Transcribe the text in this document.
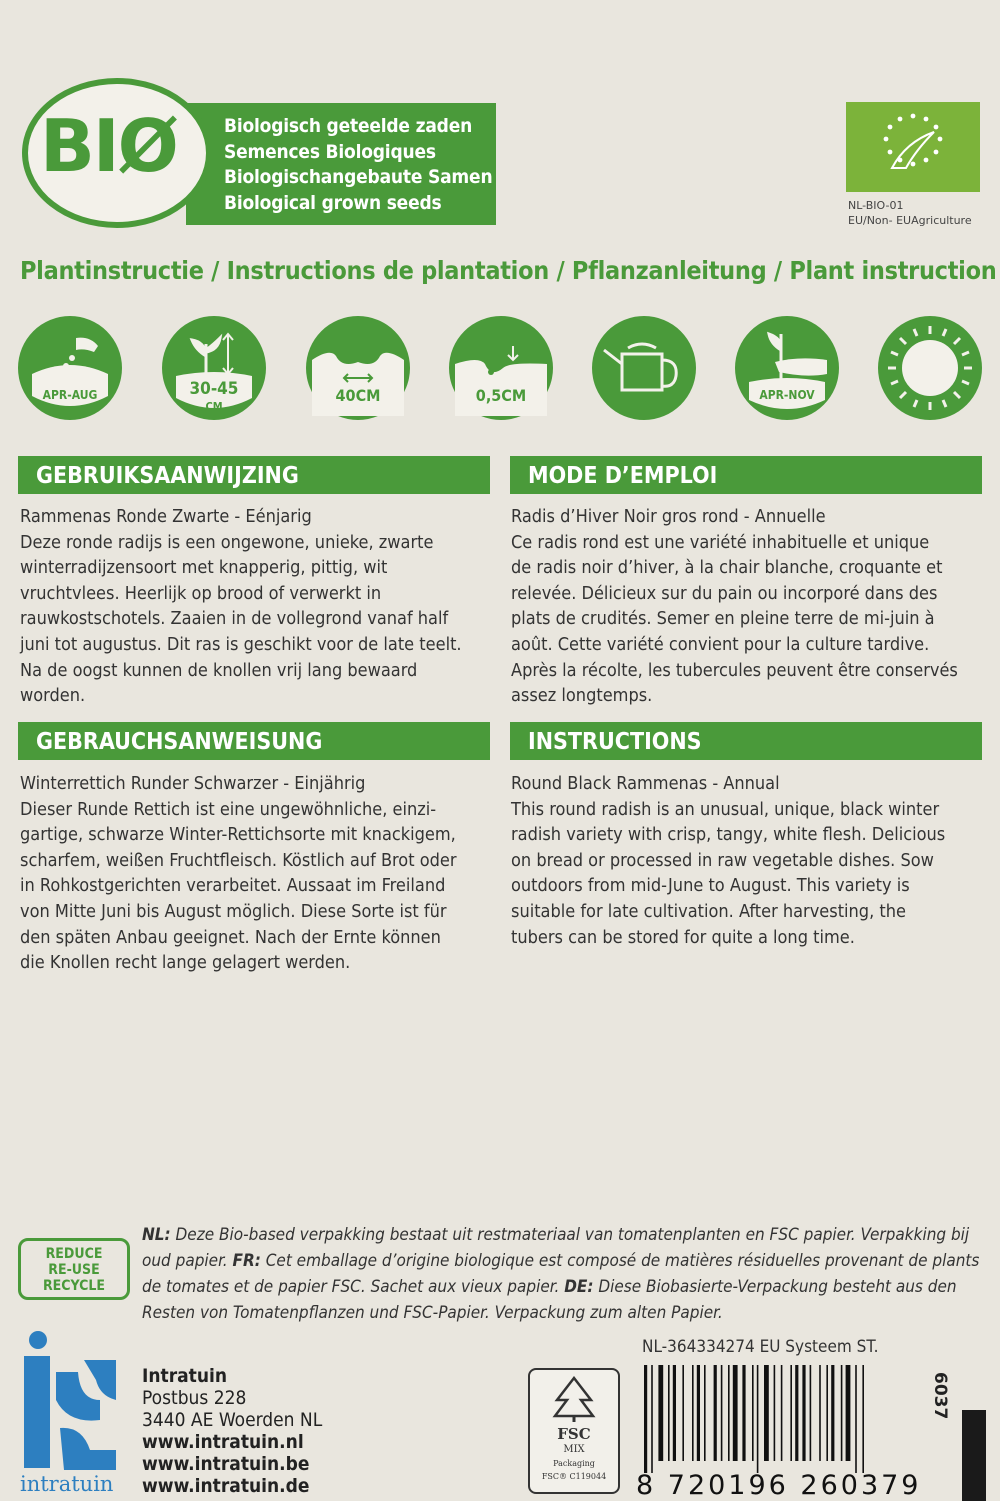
Biologisch geteelde zaden
Semences Biologiques
Biologischangebaute Samen
Biological grown seeds
BIØ
NL-BIO-01
EU/Non- EUAgriculture
Plantinstructie / Instructions de plantation / Pflanzanleitung / Plant instruction
APR-AUG	30-45
CM
40CM	0,5CM	APR-NOV
GEBRUIKSAANWIJZING
Rammenas Ronde Zwarte - Eénjarig
Deze ronde radijs is een ongewone, unieke, zwarte
winterradijzensoort met knapperig, pittig, wit
vruchtvlees. Heerlijk op brood of verwerkt in
rauwkostschotels. Zaaien in de vollegrond vanaf half
juni tot augustus. Dit ras is geschikt voor de late teelt.
Na de oogst kunnen de knollen vrij lang bewaard
worden.
MODE D’EMPLOI
Radis d’Hiver Noir gros rond - Annuelle
Ce radis rond est une variété inhabituelle et unique
de radis noir d’hiver, à la chair blanche, croquante et
relevée. Délicieux sur du pain ou incorporé dans des
plats de crudités. Semer en pleine terre de mi-juin à
août. Cette variété convient pour la culture tardive.
Après la récolte, les tubercules peuvent être conservés
assez longtemps.
GEBRAUCHSANWEISUNG
Winterrettich Runder Schwarzer - Einjährig
Dieser Runde Rettich ist eine ungewöhnliche, einzi-
gartige, schwarze Winter-Rettichsorte mit knackigem,
scharfem, weißen Fruchtfleisch. Köstlich auf Brot oder
in Rohkostgerichten verarbeitet. Aussaat im Freiland
von Mitte Juni bis August möglich. Diese Sorte ist für
den späten Anbau geeignet. Nach der Ernte können
die Knollen recht lange gelagert werden.
INSTRUCTIONS
Round Black Rammenas - Annual
This round radish is an unusual, unique, black winter
radish variety with crisp, tangy, white flesh. Delicious
on bread or processed in raw vegetable dishes. Sow
outdoors from mid-June to August. This variety is
suitable for late cultivation. After harvesting, the
tubers can be stored for quite a long time.
REDUCE
RE-USE
RECYCLE
NL: Deze Bio-based verpakking bestaat uit restmateriaal van tomatenplanten en FSC papier. Verpakking bij oud papier. FR: Cet emballage d’origine biologique est composé de matières résiduelles provenant de plants de tomates et de papier FSC. Sachet aux vieux papier. DE: Diese Biobasierte-Verpackung besteht aus den Resten von Tomatenpflanzen und FSC-Papier. Verpackung zum alten Papier.
NL-364334274 EU Systeem ST.
intratuin
Intratuin
Postbus 228
3440 AE Woerden NL
www.intratuin.nl
www.intratuin.be
www.intratuin.de
FSC
MIX
Packaging
FSC® C119044	8 720196 260379
6037
